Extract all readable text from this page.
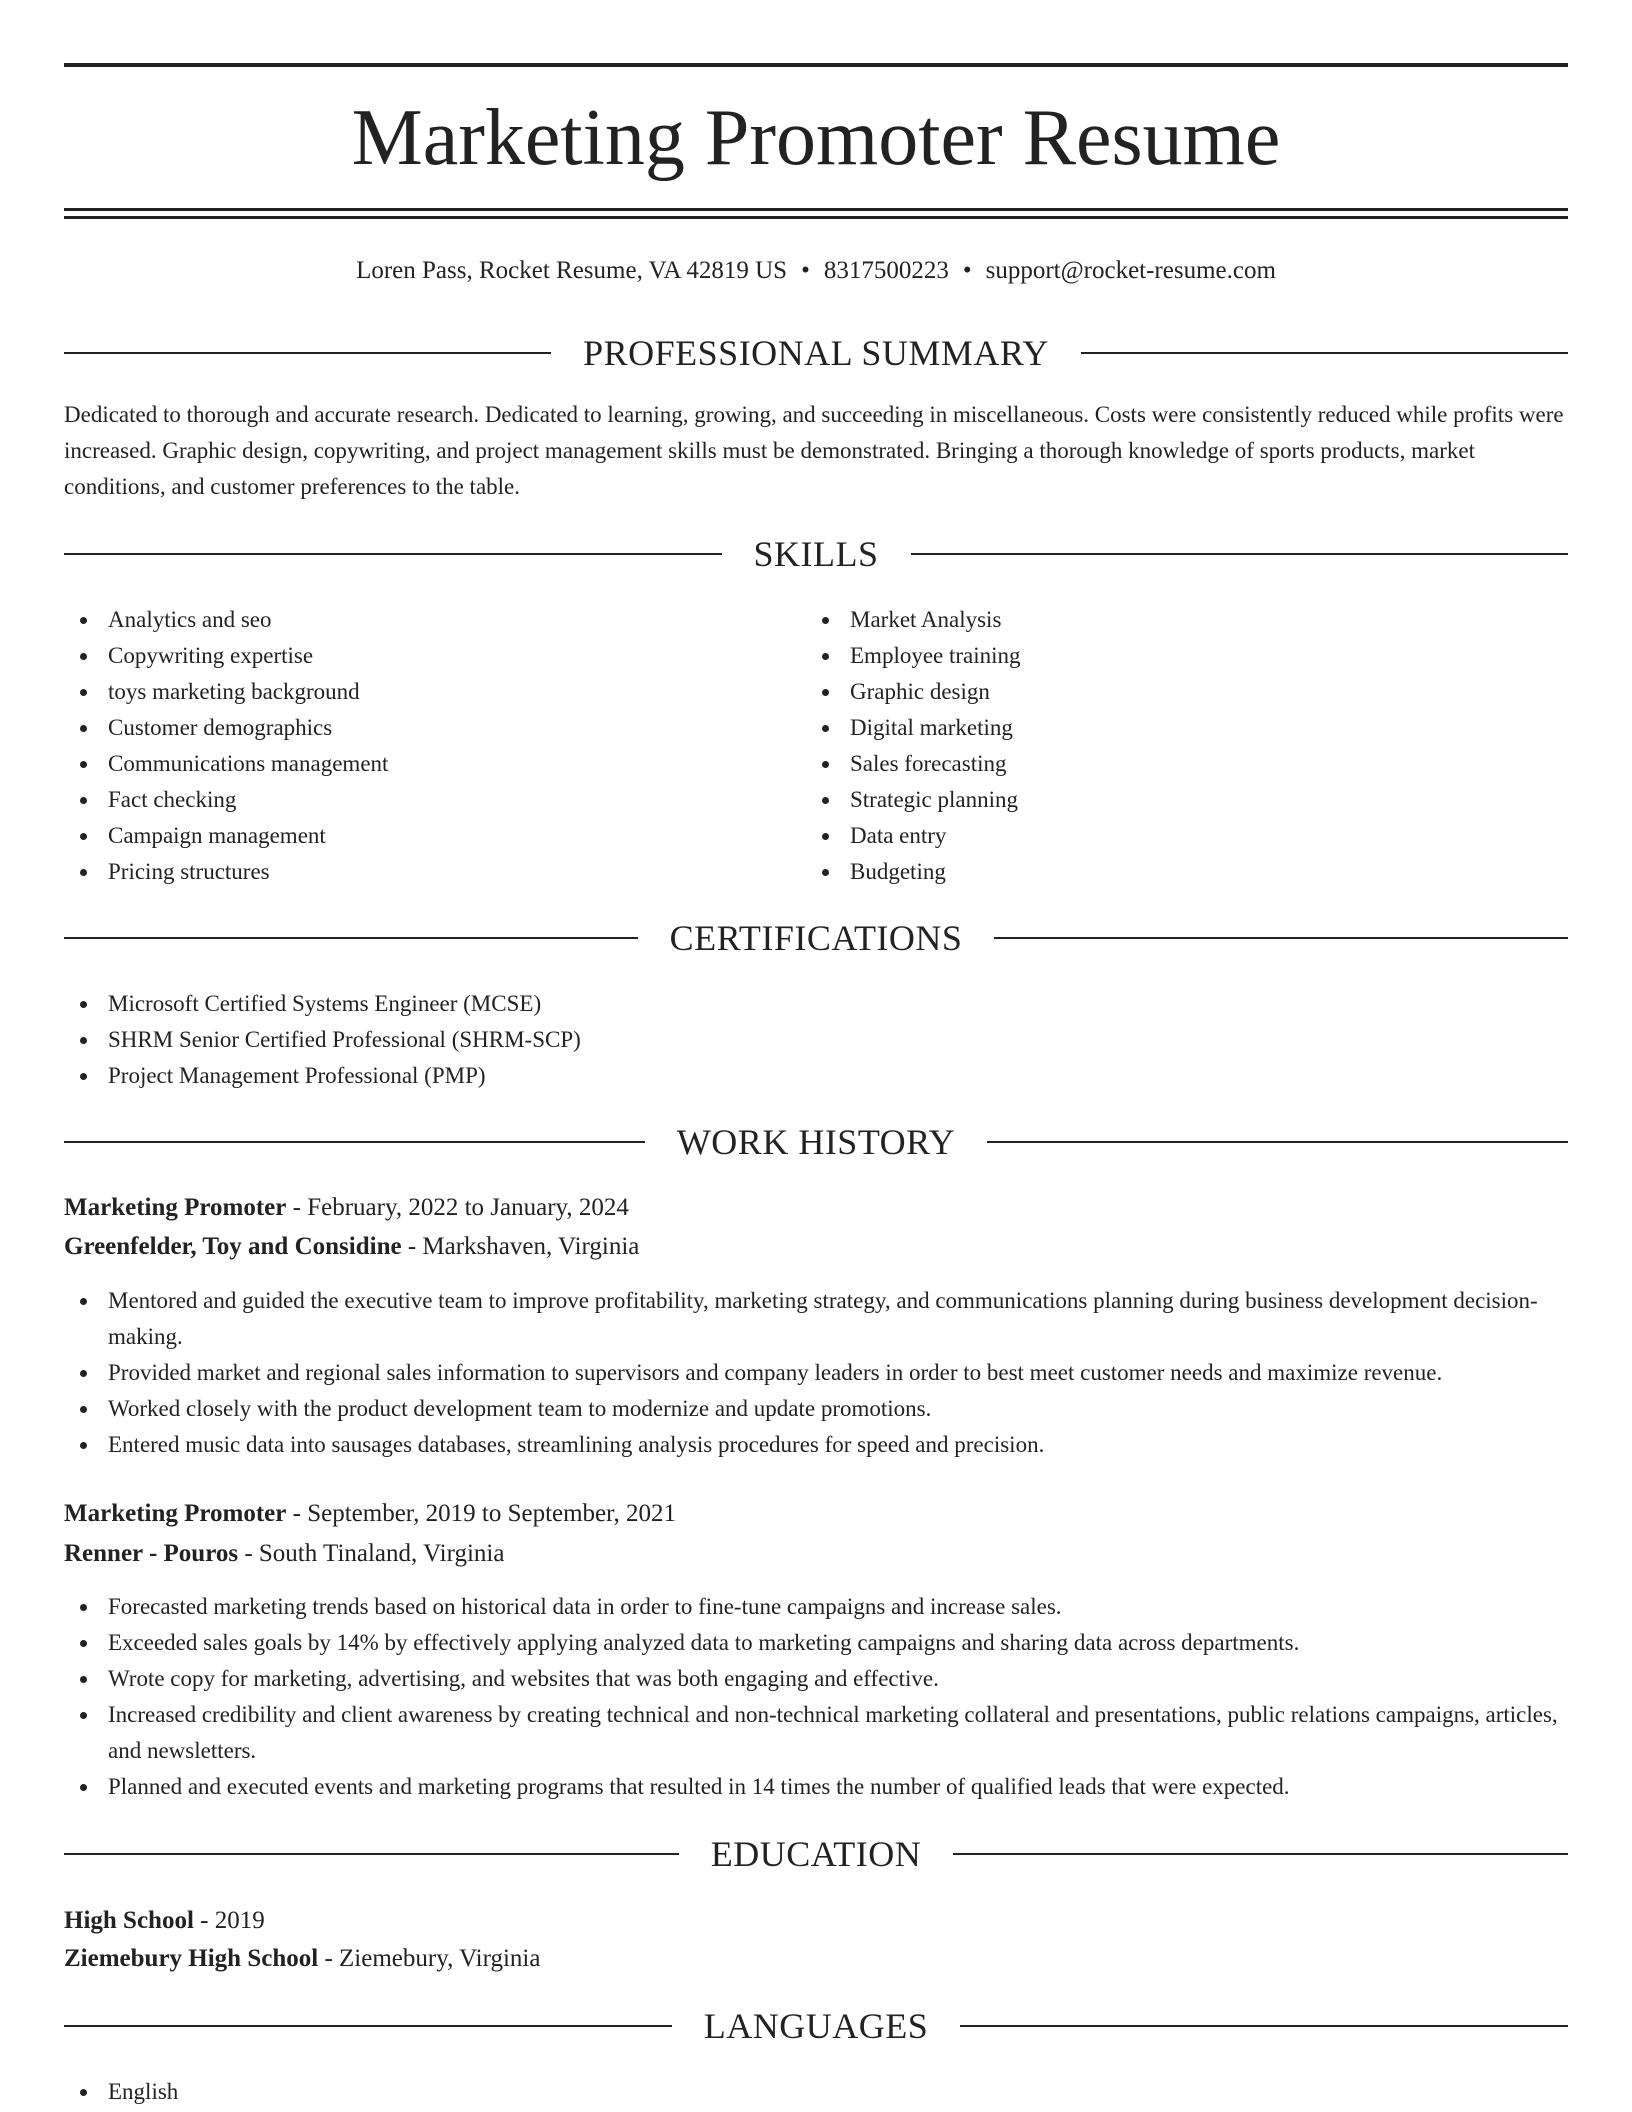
Marketing Promoter Resume
Loren Pass, Rocket Resume, VA 42819 US • 8317500223 • support@rocket-resume.com
PROFESSIONAL SUMMARY

Dedicated to thorough and accurate research. Dedicated to learning, growing, and succeeding in miscellaneous. Costs were consistently reduced while profits were increased. Graphic design, copywriting, and project management skills must be demonstrated. Bringing a thorough knowledge of sports products, market conditions, and customer preferences to the table.

SKILLS
Analytics and seo
Copywriting expertise
toys marketing background
Customer demographics
Communications management
Fact checking
Campaign management
Pricing structures
Market Analysis
Employee training
Graphic design
Digital marketing
Sales forecasting
Strategic planning
Data entry
Budgeting
CERTIFICATIONS
Microsoft Certified Systems Engineer (MCSE)
SHRM Senior Certified Professional (SHRM-SCP)
Project Management Professional (PMP)
WORK HISTORY
Marketing Promoter - February, 2022 to January, 2024
Greenfelder, Toy and Considine - Markshaven, Virginia
Mentored and guided the executive team to improve profitability, marketing strategy, and communications planning during business development decision-making.
Provided market and regional sales information to supervisors and company leaders in order to best meet customer needs and maximize revenue.
Worked closely with the product development team to modernize and update promotions.
Entered music data into sausages databases, streamlining analysis procedures for speed and precision.
Marketing Promoter - September, 2019 to September, 2021
Renner - Pouros - South Tinaland, Virginia
Forecasted marketing trends based on historical data in order to fine-tune campaigns and increase sales.
Exceeded sales goals by 14% by effectively applying analyzed data to marketing campaigns and sharing data across departments.
Wrote copy for marketing, advertising, and websites that was both engaging and effective.
Increased credibility and client awareness by creating technical and non-technical marketing collateral and presentations, public relations campaigns, articles, and newsletters.
Planned and executed events and marketing programs that resulted in 14 times the number of qualified leads that were expected.
EDUCATION
High School - 2019
Ziemebury High School - Ziemebury, Virginia
LANGUAGES
English
